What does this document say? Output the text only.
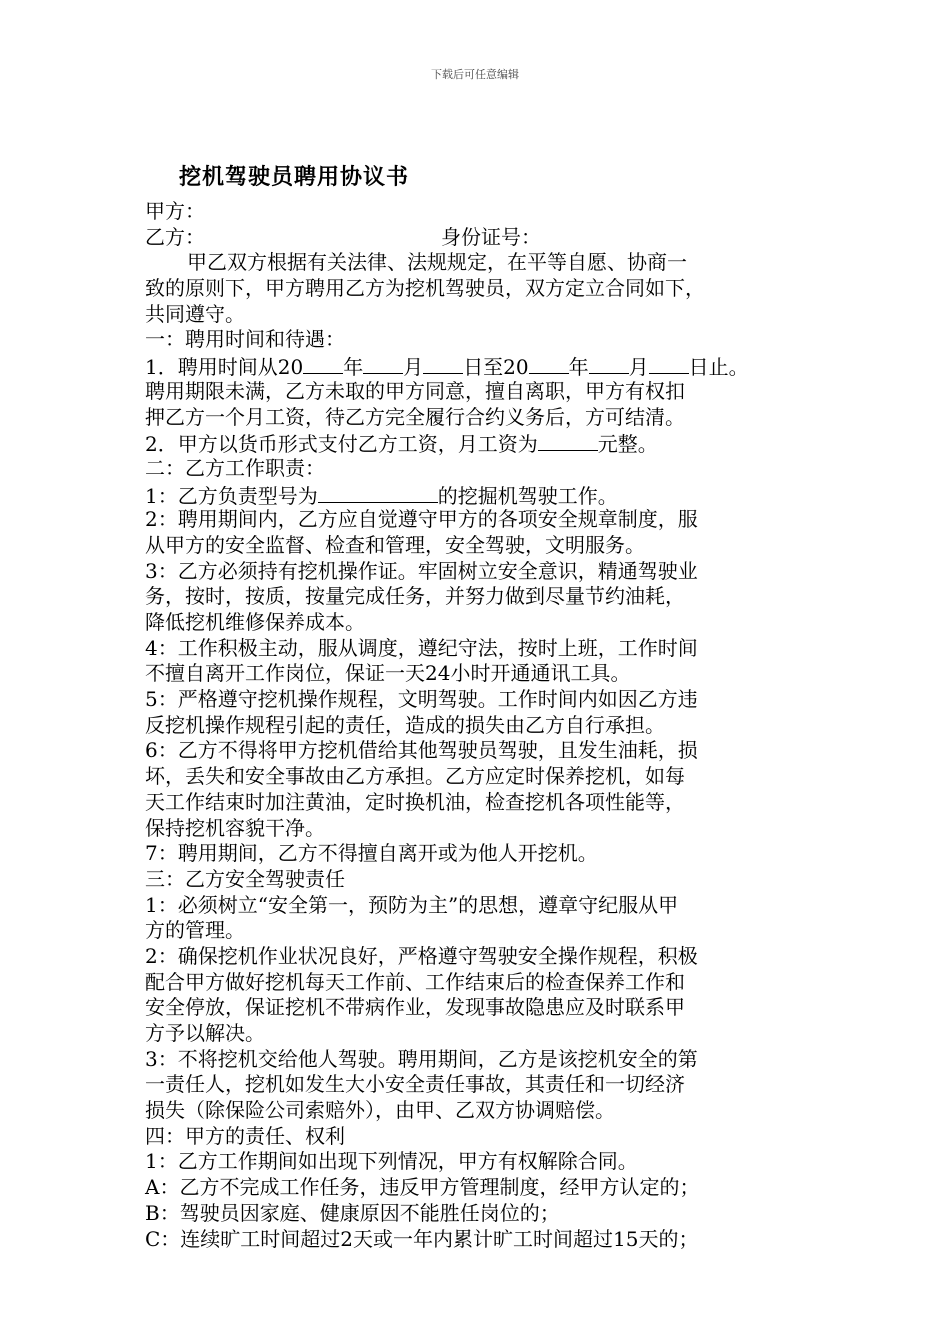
下载后可任意编辑
挖机驾驶员聘用协议书
甲方：
乙方：	身份证号：
甲乙双方根据有关法律、法规规定，在平等自愿、协商一
致的原则下，甲方聘用乙方为挖机驾驶员，双方定立合同如下，
共同遵守。
一：聘用时间和待遇：
1．聘用时间从20 年 月 日至20 年 月 日止。
聘用期限未满，乙方未取的甲方同意，擅自离职，甲方有权扣
押乙方一个月工资，待乙方完全履行合约义务后，方可结清。
2．甲方以货币形式支付乙方工资，月工资为	元整。
二：乙方工作职责：
1：乙方负责型号为	的挖掘机驾驶工作。
2：聘用期间内，乙方应自觉遵守甲方的各项安全规章制度，服
从甲方的安全监督、检查和管理，安全驾驶，文明服务。
3：乙方必须持有挖机操作证。牢固树立安全意识，精通驾驶业
务，按时，按质，按量完成任务，并努力做到尽量节约油耗，
降低挖机维修保养成本。
4：工作积极主动，服从调度，遵纪守法，按时上班，工作时间
不擅自离开工作岗位，保证一天24小时开通通讯工具。
5：严格遵守挖机操作规程，文明驾驶。工作时间内如因乙方违
反挖机操作规程引起的责任，造成的损失由乙方自行承担。
6：乙方不得将甲方挖机借给其他驾驶员驾驶，且发生油耗，损
坏，丢失和安全事故由乙方承担。乙方应定时保养挖机，如每
天工作结束时加注黄油，定时换机油，检查挖机各项性能等，
保持挖机容貌干净。
7：聘用期间，乙方不得擅自离开或为他人开挖机。
三：乙方安全驾驶责任
1：必须树立“安全第一，预防为主”的思想，遵章守纪服从甲
方的管理。
2：确保挖机作业状况良好，严格遵守驾驶安全操作规程，积极
配合甲方做好挖机每天工作前、工作结束后的检查保养工作和
安全停放，保证挖机不带病作业，发现事故隐患应及时联系甲
方予以解决。
3：不将挖机交给他人驾驶。聘用期间，乙方是该挖机安全的第
一责任人，挖机如发生大小安全责任事故，其责任和一切经济
损失（除保险公司索赔外），由甲、乙双方协调赔偿。
四：甲方的责任、权利
1：乙方工作期间如出现下列情况，甲方有权解除合同。
A：乙方不完成工作任务，违反甲方管理制度，经甲方认定的；
B：驾驶员因家庭、健康原因不能胜任岗位的；
C：连续旷工时间超过2天或一年内累计旷工时间超过15天的；
